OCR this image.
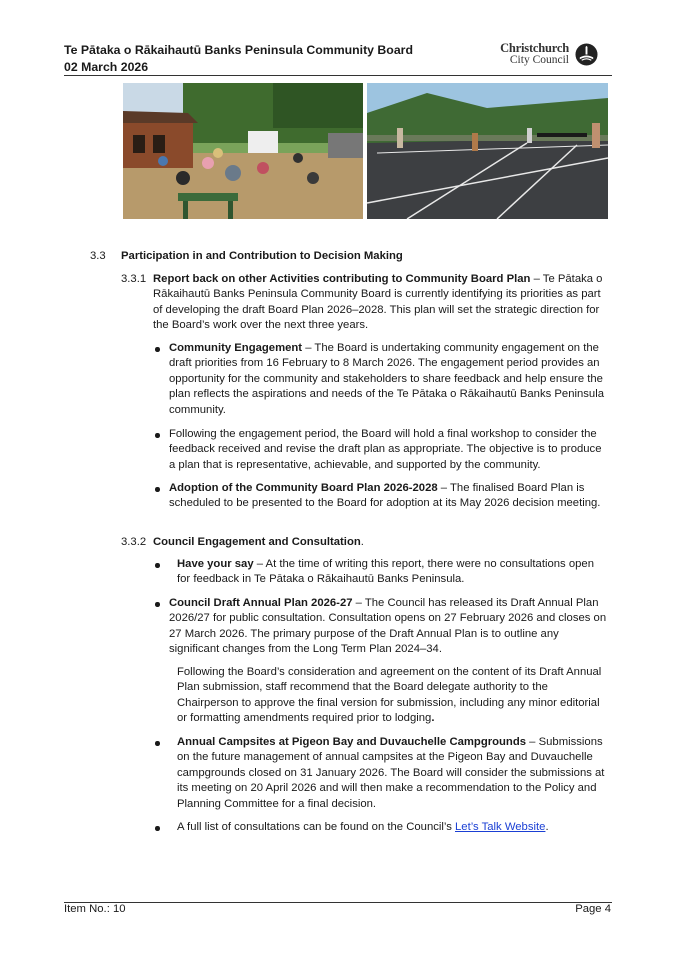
Te Pātaka o Rākaihautū Banks Peninsula Community Board
02 March 2026
Christchurch
City Council
3.3 Participation in and Contribution to Decision Making
3.3.1 Report back on other Activities contributing to Community Board Plan – Te Pātaka o Rākaihautū Banks Peninsula Community Board is currently identifying its priorities as part of developing the draft Board Plan 2026–2028. This plan will set the strategic direction for the Board’s work over the next three years.
Community Engagement – The Board is undertaking community engagement on the draft priorities from 16 February to 8 March 2026. The engagement period provides an opportunity for the community and stakeholders to share feedback and help ensure the plan reflects the aspirations and needs of the Te Pātaka o Rākaihautū Banks Peninsula community.
Following the engagement period, the Board will hold a final workshop to consider the feedback received and revise the draft plan as appropriate. The objective is to produce a plan that is representative, achievable, and supported by the community.
Adoption of the Community Board Plan 2026-2028 – The finalised Board Plan is scheduled to be presented to the Board for adoption at its May 2026 decision meeting.
3.3.2 Council Engagement and Consultation.
Have your say – At the time of writing this report, there were no consultations open for feedback in Te Pātaka o Rākaihautū Banks Peninsula.
Council Draft Annual Plan 2026-27 – The Council has released its Draft Annual Plan 2026/27 for public consultation. Consultation opens on 27 February 2026 and closes on 27 March 2026. The primary purpose of the Draft Annual Plan is to outline any significant changes from the Long Term Plan 2024–34.
Following the Board’s consideration and agreement on the content of its Draft Annual Plan submission, staff recommend that the Board delegate authority to the Chairperson to approve the final version for submission, including any minor editorial or formatting amendments required prior to lodging.
Annual Campsites at Pigeon Bay and Duvauchelle Campgrounds – Submissions on the future management of annual campsites at the Pigeon Bay and Duvauchelle campgrounds closed on 31 January 2026. The Board will consider the submissions at its meeting on 20 April 2026 and will then make a recommendation to the Policy and Planning Committee for a final decision.
A full list of consultations can be found on the Council’s Let’s Talk Website.
Item No.: 10	Page 4
